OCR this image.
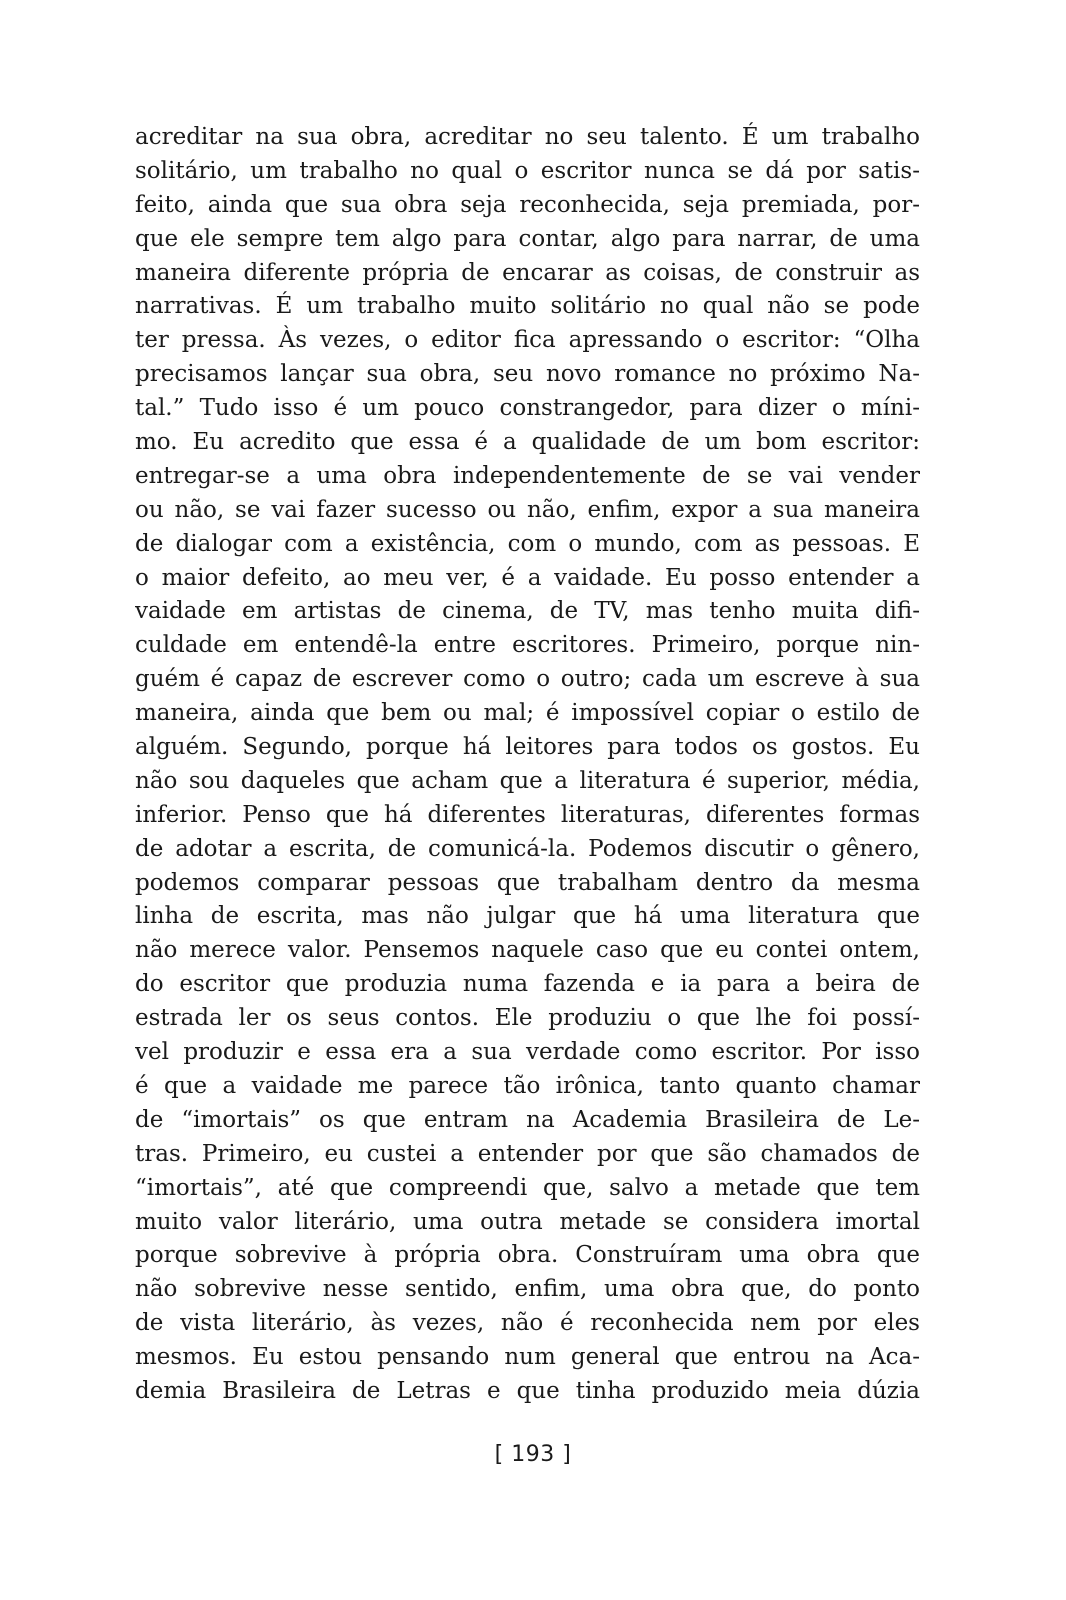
acreditar na sua obra, acreditar no seu talento. É um trabalho
solitário, um trabalho no qual o escritor nunca se dá por satis-
feito, ainda que sua obra seja reconhecida, seja premiada, por-
que ele sempre tem algo para contar, algo para narrar, de uma
maneira diferente própria de encarar as coisas, de construir as
narrativas. É um trabalho muito solitário no qual não se pode
ter pressa. Às vezes, o editor fica apressando o escritor: “Olha
precisamos lançar sua obra, seu novo romance no próximo Na-
tal.” Tudo isso é um pouco constrangedor, para dizer o míni-
mo. Eu acredito que essa é a qualidade de um bom escritor:
entregar-se a uma obra independentemente de se vai vender
ou não, se vai fazer sucesso ou não, enfim, expor a sua maneira
de dialogar com a existência, com o mundo, com as pessoas. E
o maior defeito, ao meu ver, é a vaidade. Eu posso entender a
vaidade em artistas de cinema, de TV, mas tenho muita difi-
culdade em entendê-la entre escritores. Primeiro, porque nin-
guém é capaz de escrever como o outro; cada um escreve à sua
maneira, ainda que bem ou mal; é impossível copiar o estilo de
alguém. Segundo, porque há leitores para todos os gostos. Eu
não sou daqueles que acham que a literatura é superior, média,
inferior. Penso que há diferentes literaturas, diferentes formas
de adotar a escrita, de comunicá-la. Podemos discutir o gênero,
podemos comparar pessoas que trabalham dentro da mesma
linha de escrita, mas não julgar que há uma literatura que
não merece valor. Pensemos naquele caso que eu contei ontem,
do escritor que produzia numa fazenda e ia para a beira de
estrada ler os seus contos. Ele produziu o que lhe foi possí-
vel produzir e essa era a sua verdade como escritor. Por isso
é que a vaidade me parece tão irônica, tanto quanto chamar
de “imortais” os que entram na Academia Brasileira de Le-
tras. Primeiro, eu custei a entender por que são chamados de
“imortais”, até que compreendi que, salvo a metade que tem
muito valor literário, uma outra metade se considera imortal
porque sobrevive à própria obra. Construíram uma obra que
não sobrevive nesse sentido, enfim, uma obra que, do ponto
de vista literário, às vezes, não é reconhecida nem por eles
mesmos. Eu estou pensando num general que entrou na Aca-
demia Brasileira de Letras e que tinha produzido meia dúzia
[ 193 ]
